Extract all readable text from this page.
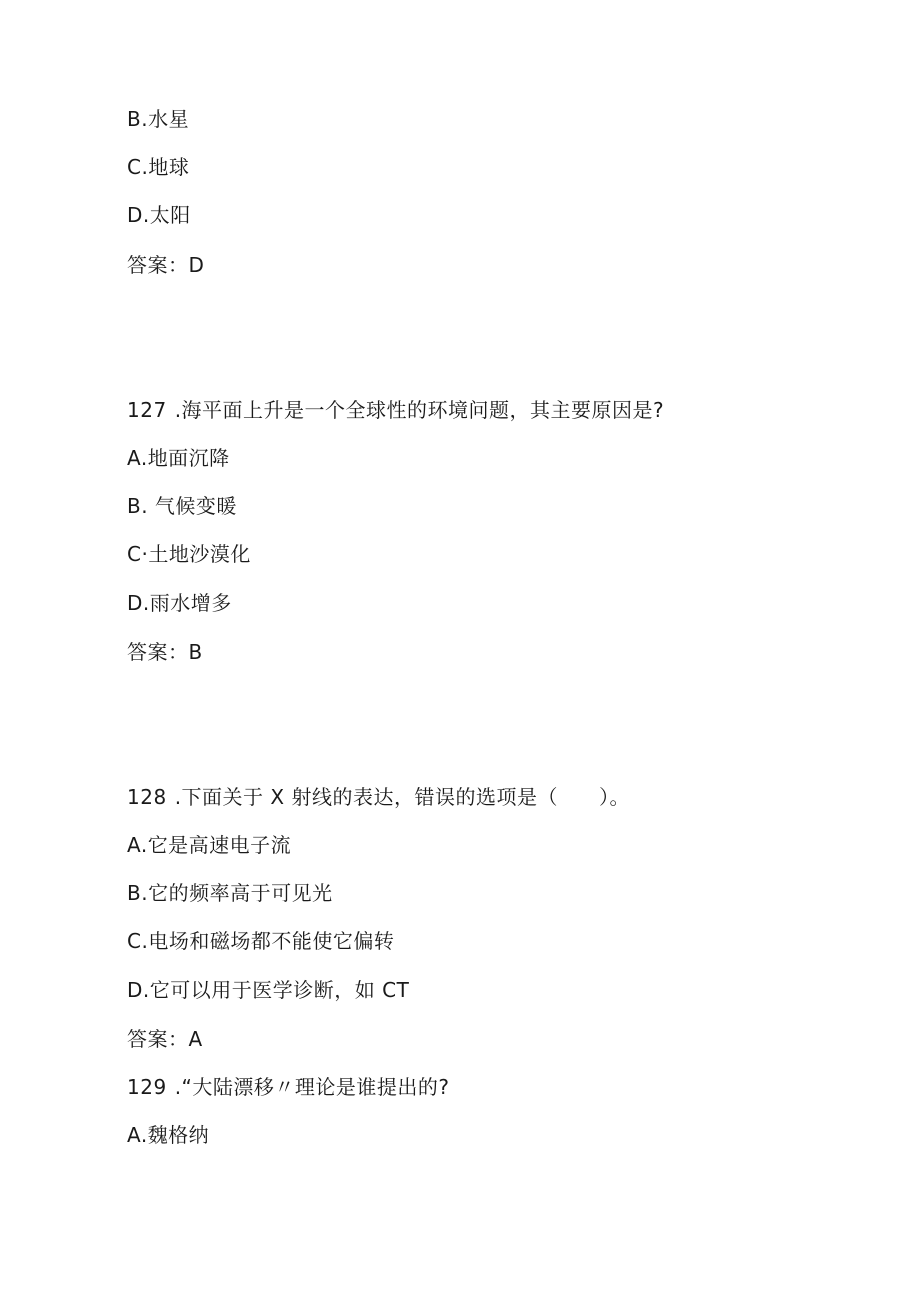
B.水星
C.地球
D.太阳
答案：D
127 .海平面上升是一个全球性的环境问题，其主要原因是?
A.地面沉降
B. 气候变暖
C·土地沙漠化
D.雨水增多
答案：B
128 .下面关于 X 射线的表达，错误的选项是（　　）。
A.它是高速电子流
B.它的频率高于可见光
C.电场和磁场都不能使它偏转
D.它可以用于医学诊断，如 CT
答案：A
129 .“大陆漂移〃理论是谁提出的?
A.魏格纳
